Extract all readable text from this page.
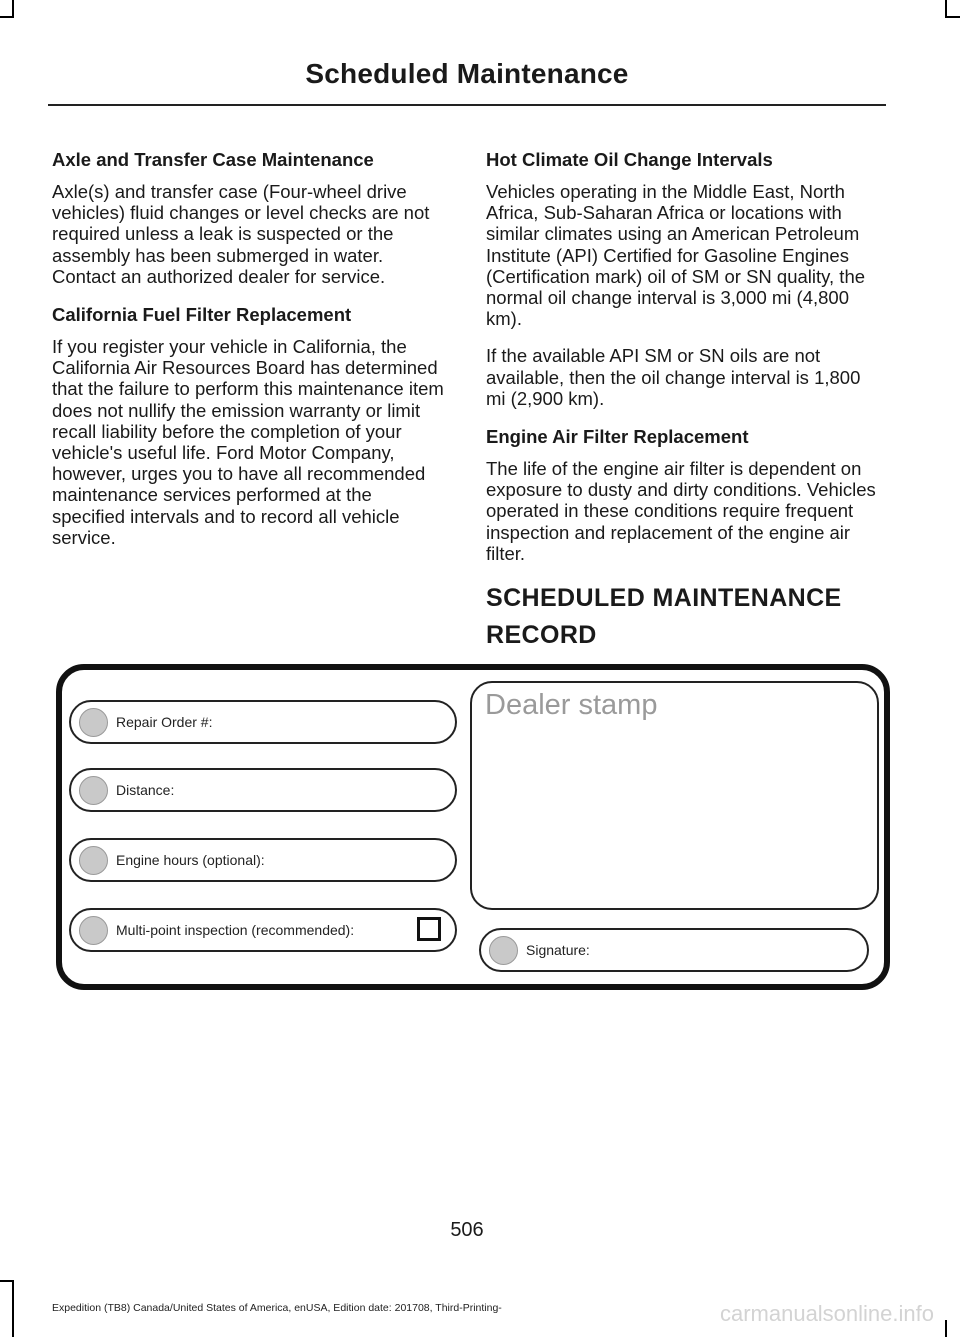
Scheduled Maintenance
Axle and Transfer Case Maintenance

Axle(s) and transfer case (Four-wheel drive vehicles) fluid changes or level checks are not required unless a leak is suspected or the assembly has been submerged in water. Contact an authorized dealer for service.

California Fuel Filter Replacement

If you register your vehicle in California, the California Air Resources Board has determined that the failure to perform this maintenance item does not nullify the emission warranty or limit recall liability before the completion of your vehicle's useful life. Ford Motor Company, however, urges you to have all recommended maintenance services performed at the specified intervals and to record all vehicle service.

Hot Climate Oil Change Intervals

Vehicles operating in the Middle East, North Africa, Sub-Saharan Africa or locations with similar climates using an American Petroleum Institute (API) Certified for Gasoline Engines (Certification mark) oil of SM or SN quality, the normal oil change interval is 3,000 mi (4,800 km).

If the available API SM or SN oils are not available, then the oil change interval is 1,800 mi (2,900 km).

Engine Air Filter Replacement

The life of the engine air filter is dependent on exposure to dusty and dirty conditions. Vehicles operated in these conditions require frequent inspection and replacement of the engine air filter.

SCHEDULED MAINTENANCE RECORD
Repair Order #:
Distance:
Engine hours (optional):
Multi-point inspection (recommended):
Dealer stamp
Signature:
506
Expedition (TB8) Canada/United States of America, enUSA, Edition date: 201708, Third-Printing-	carmanualsonline.info
